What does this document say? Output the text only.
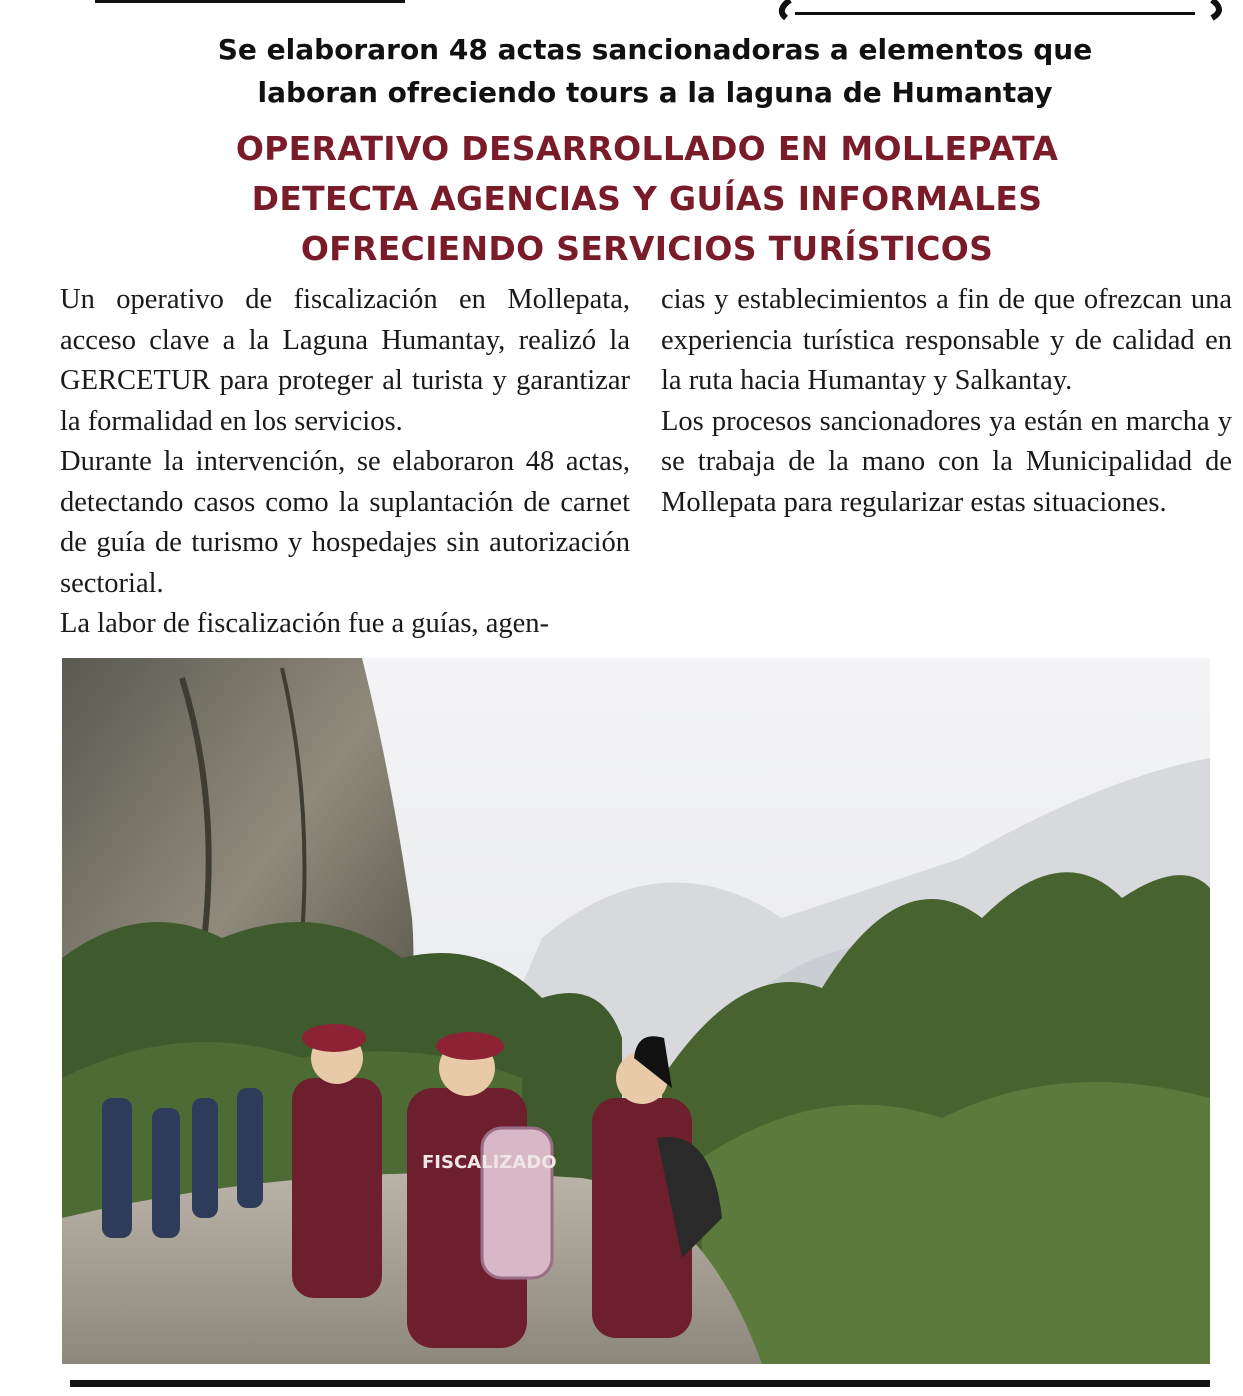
Se elaboraron 48 actas sancionadoras a elementos que
laboran ofreciendo tours a la laguna de Humantay
OPERATIVO DESARROLLADO EN MOLLEPATA
DETECTA AGENCIAS Y GUÍAS INFORMALES
OFRECIENDO SERVICIOS TURÍSTICOS

Un operativo de fiscalización en Mollepata, acceso clave a la Laguna Humantay, realizó la GERCETUR para proteger al turista y garantizar la formalidad en los servicios.

Durante la intervención, se elaboraron 48 actas, detectando casos como la suplantación de carnet de guía de turismo y hospedajes sin autorización sectorial.

La labor de fiscalización fue a guías, agen-

cias y establecimientos a fin de que ofrezcan una experiencia turística responsable y de calidad en la ruta hacia Humantay y Salkantay.

Los procesos sancionadores ya están en marcha y se trabaja de la mano con la Municipalidad de Mollepata para regularizar estas situaciones.

FISCALIZADO
